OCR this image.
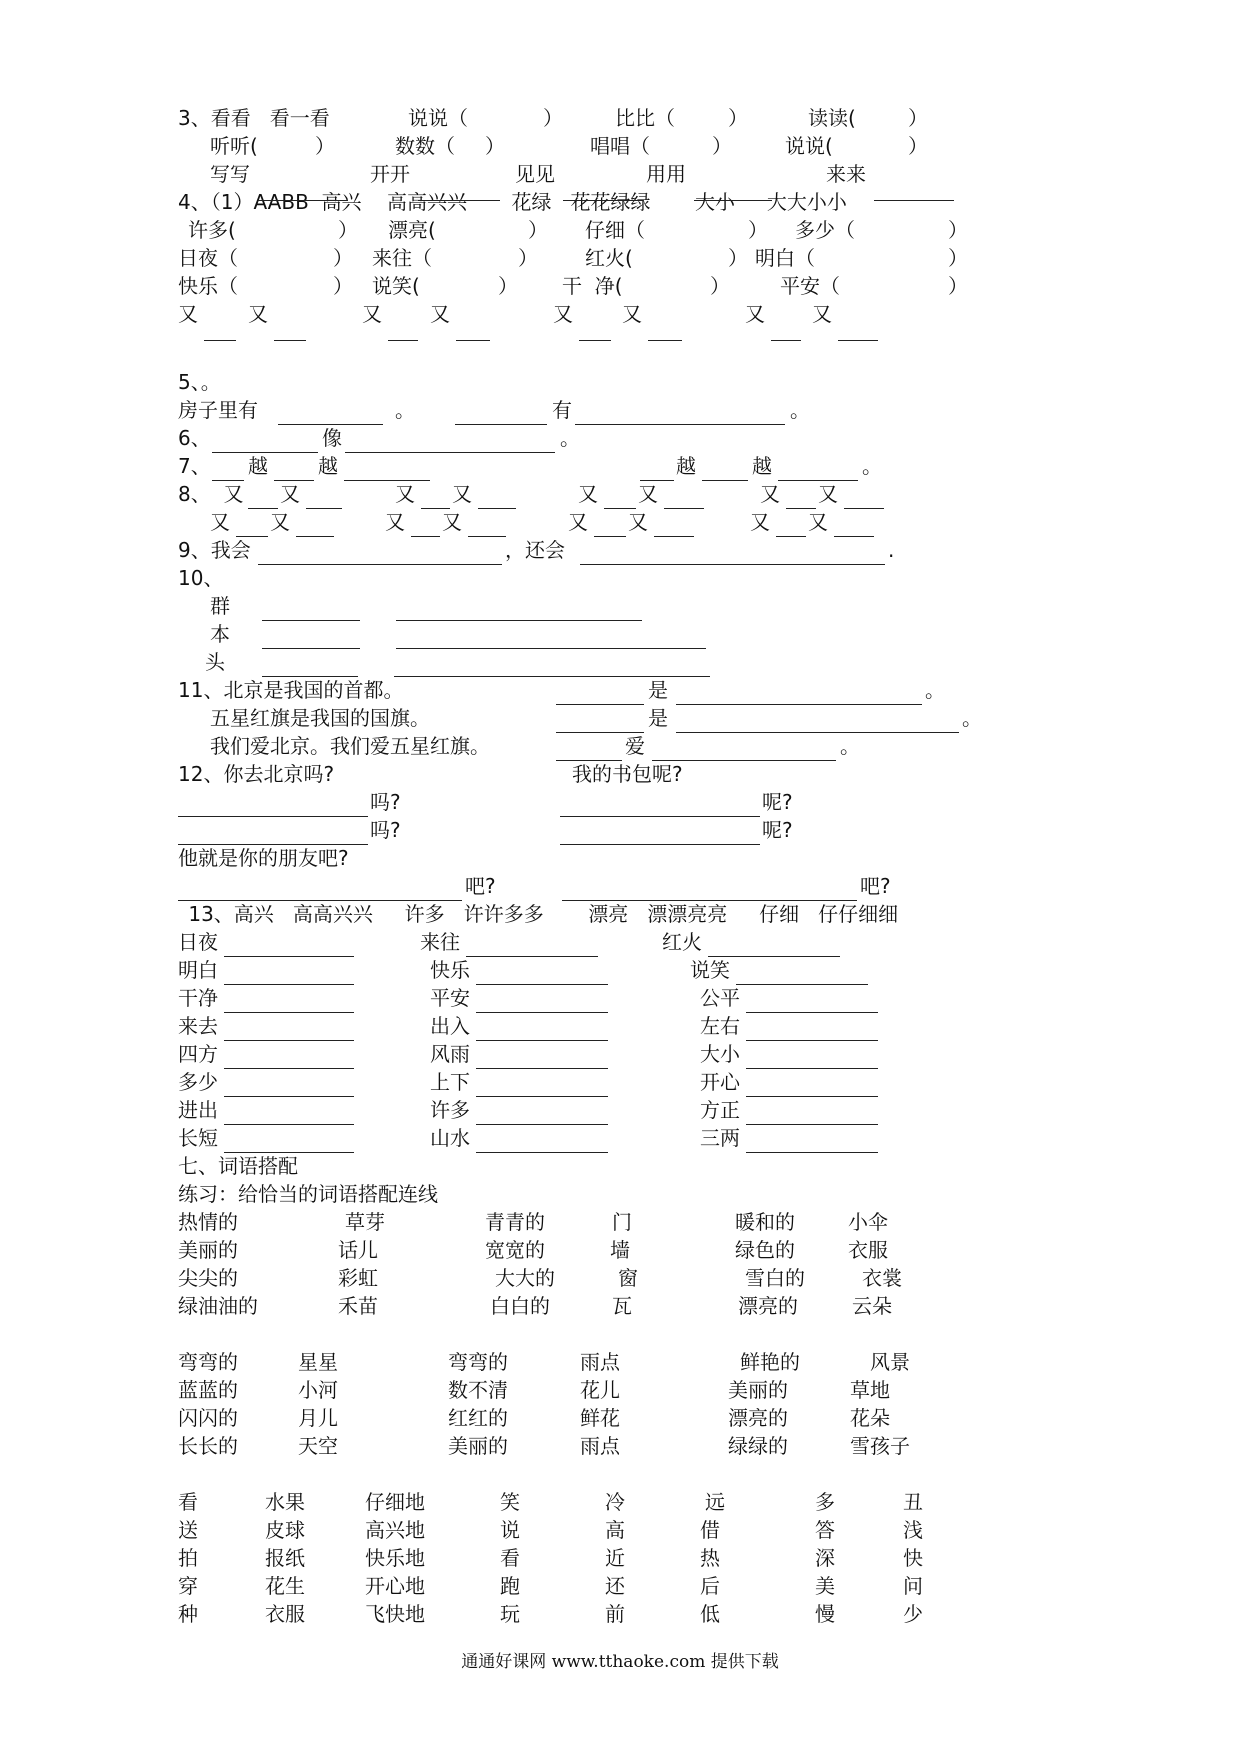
3、看看   看一看	说说（	）	比比（	）	读读(	）
听听(	）	数数（ ）	唱唱（	）	说说(	）
写写	开开	见见	用用	来来
4、（1）AABB  高兴    高高兴兴       花绿   花花绿绿       大小     大大小小
许多(	） 漂亮(	） 仔细（	） 多少（	）
日夜（	） 来往（	） 红火(	） 明白（	）
快乐（	） 说笑(	） 干  净(	）	平安（	）
又	又	又 又	又 又	又 又
5、。
房子里有	。	有	。
6、	像	。
7、 越	越	越	越	。
8、  又 又	又 又	又 又	又 又
又 又	又 又	又 又	又 又
9、我会	，还会	.
10、
群
本
头
11、北京是我国的首都。	是	。
五星红旗是我国的国旗。	是	。
我们爱北京。我们爱五星红旗。	爱	。
12、你去北京吗?	我的书包呢?
吗?	呢?
吗?	呢?
他就是你的朋友吧?
吧?	吧?
13、高兴   高高兴兴     许多   许许多多       漂亮   漂漂亮亮     仔细   仔仔细细
日夜	来往	红火
明白	快乐	说笑
干净	平安	公平
来去	出入	左右
四方	风雨	大小
多少	上下	开心
进出	许多	方正
长短	山水	三两
七、词语搭配
练习：给恰当的词语搭配连线
热情的	草芽	青青的	门	暖和的	小伞
美丽的	话儿	宽宽的	墙	绿色的	衣服
尖尖的	彩虹	大大的	窗	雪白的	衣裳
绿油油的	禾苗	白白的	瓦	漂亮的	云朵
弯弯的	星星	弯弯的	雨点	鲜艳的	风景
蓝蓝的	小河	数不清	花儿	美丽的	草地
闪闪的	月儿	红红的	鲜花	漂亮的	花朵
长长的	天空	美丽的	雨点	绿绿的	雪孩子
看	水果	仔细地	笑	冷	远	多	丑
送	皮球	高兴地	说	高	借	答	浅
拍	报纸	快乐地	看	近	热	深	快
穿	花生	开心地	跑	还	后	美	问
种	衣服	飞快地	玩	前	低	慢	少
通通好课网 www.tthaoke.com 提供下载
